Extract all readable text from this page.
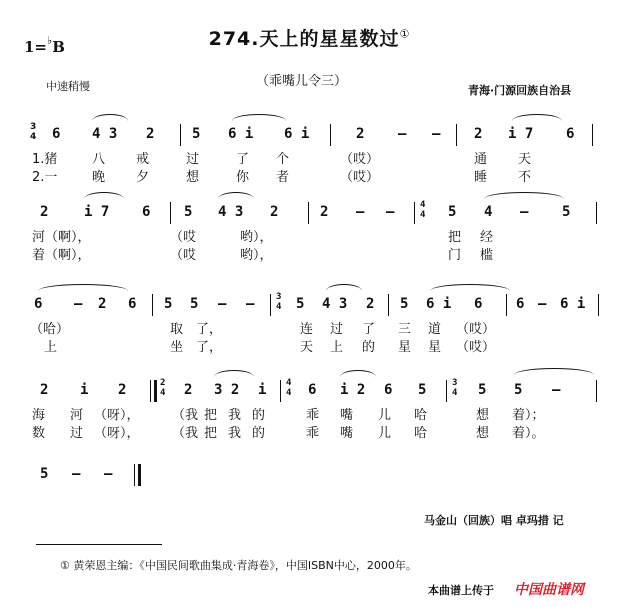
274.天上的星星数过①
1=♭B
中速稍慢	（乖嘴儿令三）
青海·门源回族自治县
3
4 6 4 3 2	5 6 i 6 i	2 — — 2 i 7 6
1.猪	八 戒	过	了 个	（哎）	通 天
2.一	晚 夕	想	你 者	（哎）	睡 不
2	i 7 6 5 4 3 2	2 — —	4
4 5 4 — 5
河（啊），	（哎	哟），	把 经
着（啊），	（哎	哟），	门 槛
6 — 2 6 5 5 — — 3
4 5 4 3 2 5 6 i 6 6 — 6 i
（哈）	取 了，	连 过 了 三 道 （哎）
上	坐 了，	天 上 的 星 星 （哎）
2 i 2	2
4 2 3 2 i 4
4 6 i 2 6 5	3
4 5 5 —
海 河 （呀）， （我 把 我 的	乖 嘴 儿 哈	想 着）；
数 过 （呀）， （我 把 我 的	乖 嘴 儿 哈	想 着）。
5 — —
马金山（回族）唱 卓玛措 记
① 黄荣恩主编：《中国民间歌曲集成·青海卷》，中国ISBN中心，2000年。
本曲谱上传于 中国曲谱网
